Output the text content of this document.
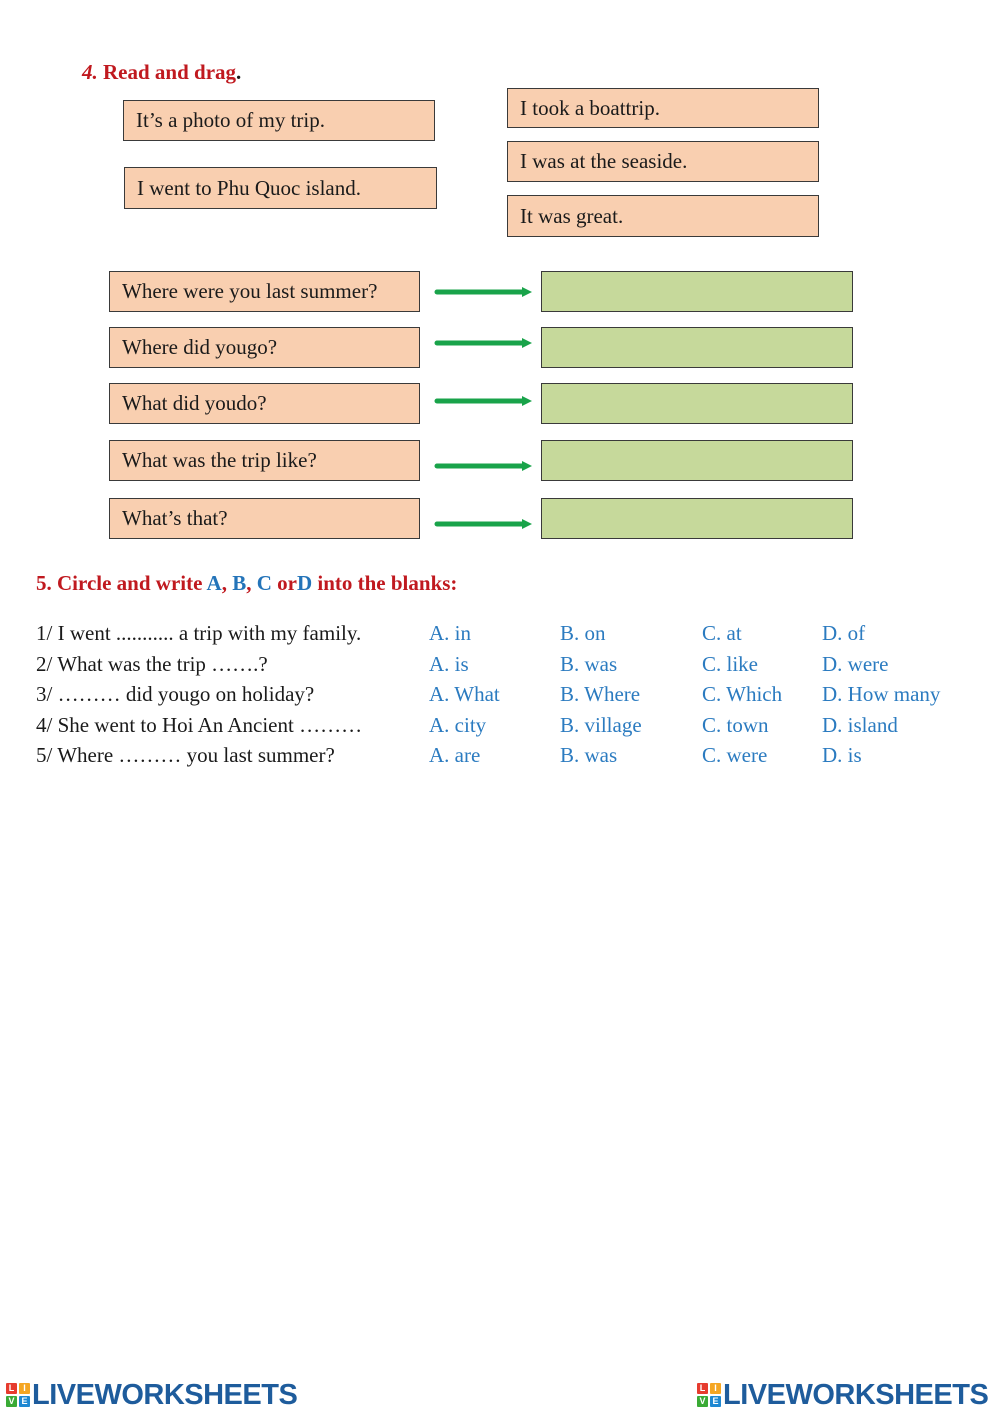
4. Read and drag.
It’s a photo of my trip.
I went to Phu Quoc island.
I took a boattrip.
I was at the seaside.
It was great.
Where were you last summer?
Where did yougo?
What did youdo?
What was the trip like?
What’s that?
5. Circle and write A, B, C orD into the blanks:
1/ I went ........... a trip with my family.	A. in	B. on	C. at	D. of
2/ What was the trip …….?	A. is	B. was	C. like	D. were
3/ ……… did yougo on holiday?	A. What	B. Where	C. Which D. How many
4/ She went to Hoi An Ancient ………	A. city	B. village	C. town	D. island
5/ Where ……… you last summer?	A. are	B. was	C. were	D. is
L I
V E LIVEWORKSHEETS	L I
V E LIVEWORKSHEETS
